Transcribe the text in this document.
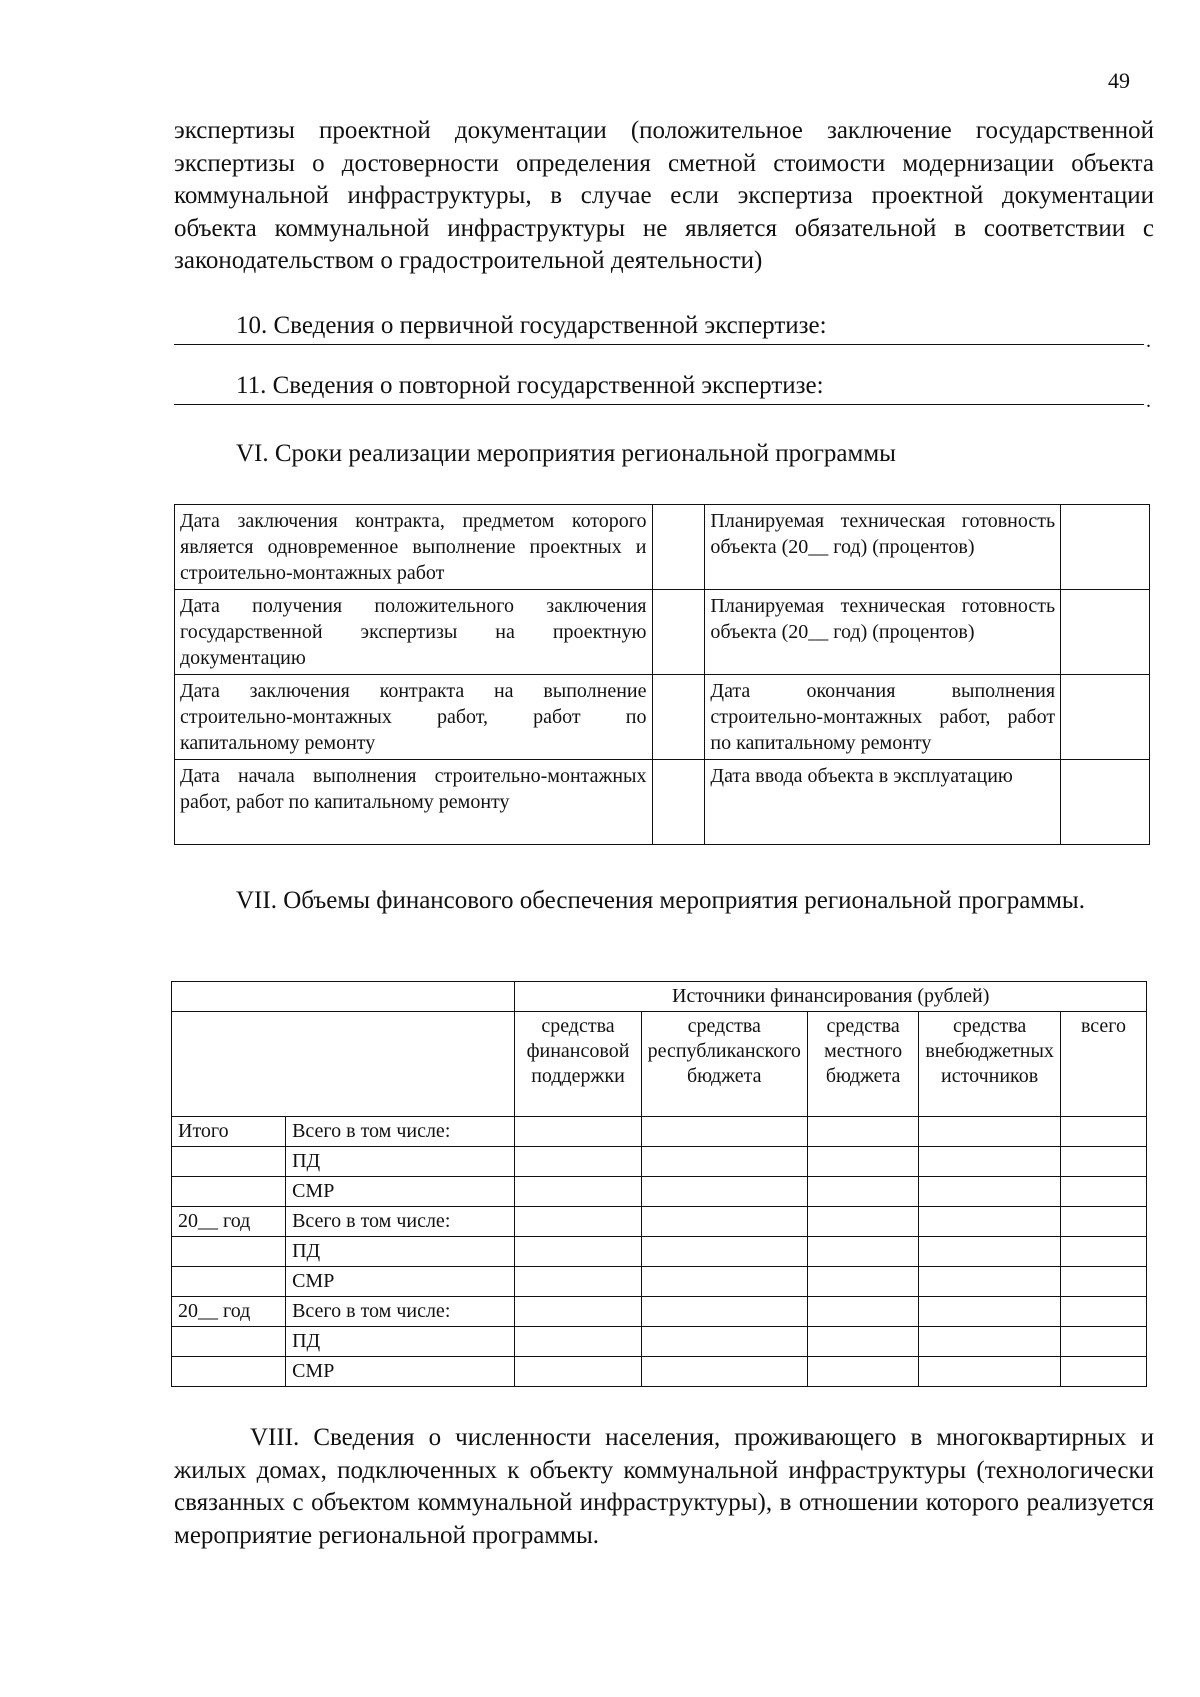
49
экспертизы проектной документации (положительное заключение государственной экспертизы о достоверности определения сметной стоимости модернизации объекта коммунальной инфраструктуры, в случае если экспертиза проектной документации объекта коммунальной инфраструктуры не является обязательной в соответствии с законодательством о градостроительной деятельности)
10. Сведения о первичной государственной экспертизе:
.
11. Сведения о повторной государственной экспертизе:
.
VI. Сроки реализации мероприятия региональной программы
Дата заключения контракта, предметом которого является одновременное выполнение проектных и строительно-монтажных работ		Планируемая техническая готовность объекта (20__ год) (процентов)	
Дата получения положительного заключения государственной экспертизы на проектную документацию		Планируемая техническая готовность объекта (20__ год) (процентов)	
Дата заключения контракта на выполнение строительно-монтажных работ, работ по капитальному ремонту		Дата окончания выполнения строительно-монтажных работ, работ по капитальному ремонту	
Дата начала выполнения строительно-монтажных работ, работ по капитальному ремонту		Дата ввода объекта в эксплуатацию	
VII. Объемы финансового обеспечения мероприятия региональной программы.
		Источники финансирования (рублей)				
		средства финансовой поддержки	средства республиканского бюджета	средства местного бюджета	средства внебюджетных источников	всего
Итого	Всего в том числе:					
	ПД					
	СМР					
20__ год	Всего в том числе:					
	ПД					
	СМР					
20__ год	Всего в том числе:					
	ПД					
	СМР					
VIII. Сведения о численности населения, проживающего в многоквартирных и жилых домах, подключенных к объекту коммунальной инфраструктуры (технологически связанных с объектом коммунальной инфраструктуры), в отношении которого реализуется мероприятие региональной программы.
